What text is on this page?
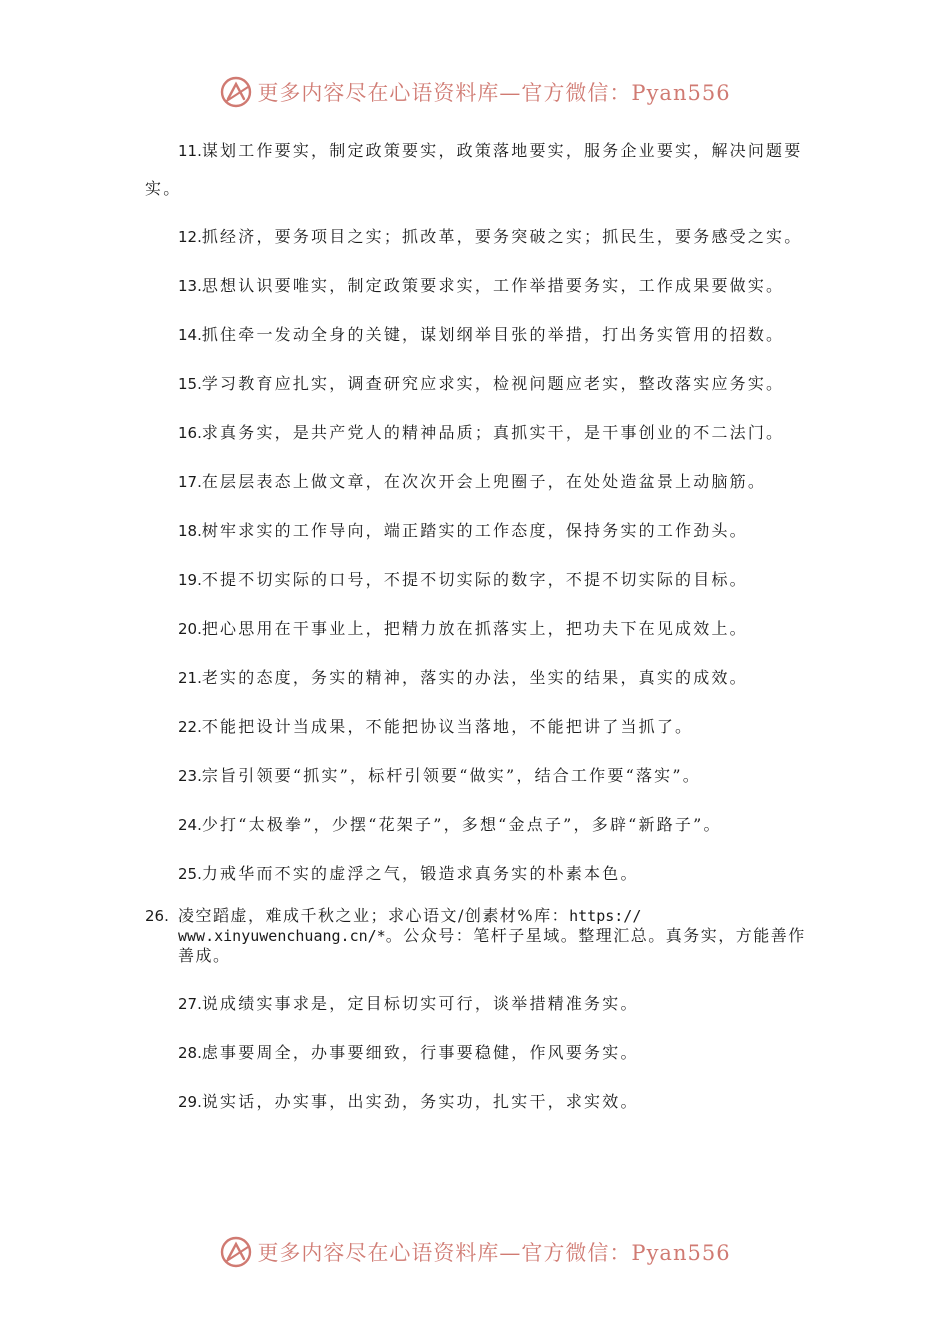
更多内容尽在心语资料库—官方微信：Pyan556

11.谋划工作要实，制定政策要实，政策落地要实，服务企业要实，解决问题要实。

12.抓经济，要务项目之实；抓改革，要务突破之实；抓民生，要务感受之实。

13.思想认识要唯实，制定政策要求实，工作举措要务实，工作成果要做实。

14.抓住牵一发动全身的关键，谋划纲举目张的举措，打出务实管用的招数。

15.学习教育应扎实，调查研究应求实，检视问题应老实，整改落实应务实。

16.求真务实，是共产党人的精神品质；真抓实干，是干事创业的不二法门。

17.在层层表态上做文章，在次次开会上兜圈子，在处处造盆景上动脑筋。

18.树牢求实的工作导向，端正踏实的工作态度，保持务实的工作劲头。

19.不提不切实际的口号，不提不切实际的数字，不提不切实际的目标。

20.把心思用在干事业上，把精力放在抓落实上，把功夫下在见成效上。

21.老实的态度，务实的精神，落实的办法，坐实的结果，真实的成效。

22.不能把设计当成果，不能把协议当落地，不能把讲了当抓了。

23.宗旨引领要“抓实”，标杆引领要“做实”，结合工作要“落实”。

24.少打“太极拳”，少摆“花架子”，多想“金点子”，多辟“新路子”。

25.力戒华而不实的虚浮之气，锻造求真务实的朴素本色。

26. 凌空蹈虚，难成千秋之业；求心语文/创素材%库：https://
www.xinyuwenchuang.cn/*。公众号：笔杆子星域。整理汇总。真务实，方能善作善成。

27.说成绩实事求是，定目标切实可行，谈举措精准务实。

28.虑事要周全，办事要细致，行事要稳健，作风要务实。

29.说实话，办实事，出实劲，务实功，扎实干，求实效。

更多内容尽在心语资料库—官方微信：Pyan556
